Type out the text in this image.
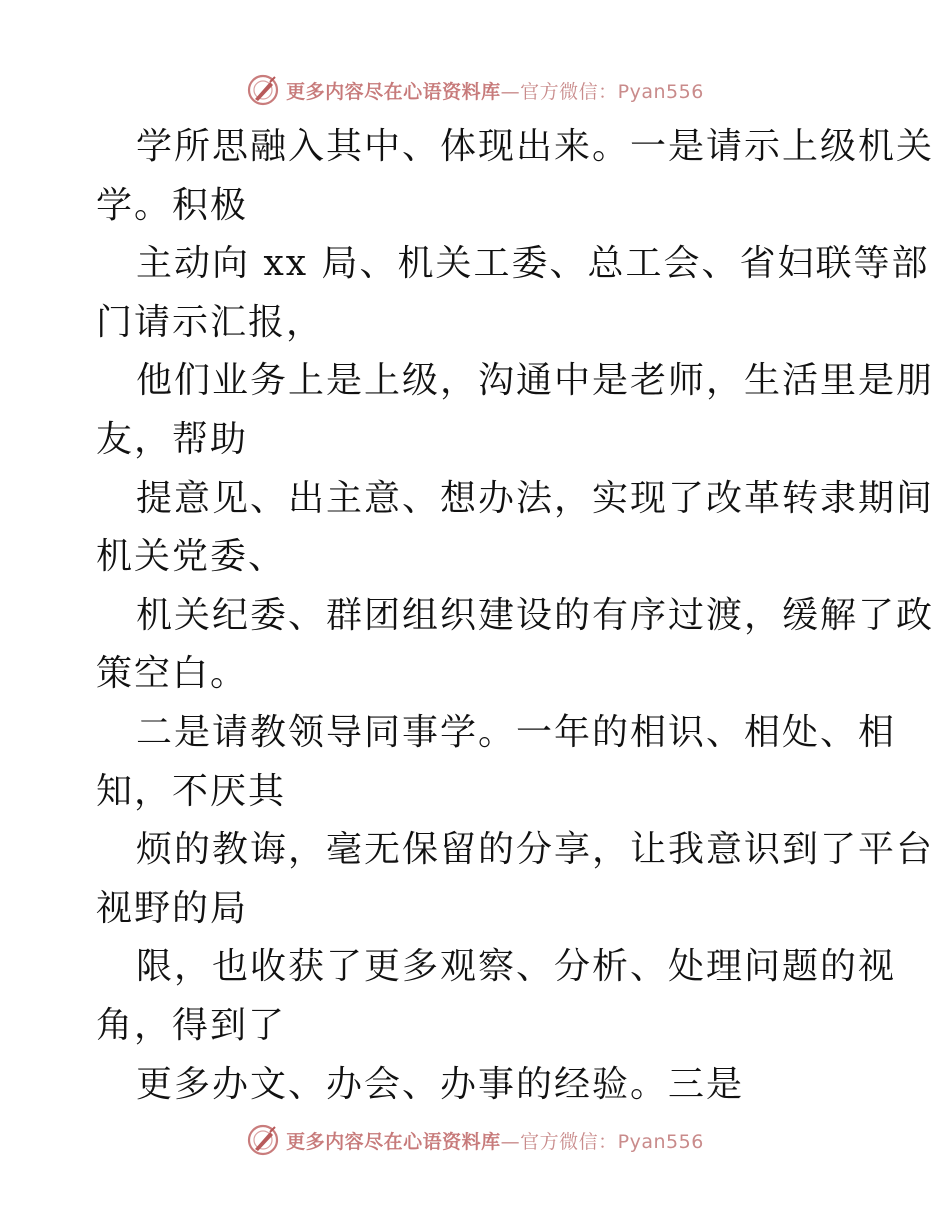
更多内容尽在心语资料库—官方微信：Pyan556
学所思融入其中、体现出来。一是请示上级机关
学。积极
主动向 xx 局、机关工委、总工会、省妇联等部
门请示汇报，
他们业务上是上级，沟通中是老师，生活里是朋
友，帮助
提意见、出主意、想办法，实现了改革转隶期间
机关党委、
机关纪委、群团组织建设的有序过渡，缓解了政
策空白。
二是请教领导同事学。一年的相识、相处、相
知，不厌其
烦的教诲，毫无保留的分享，让我意识到了平台
视野的局
限，也收获了更多观察、分析、处理问题的视
角，得到了
更多办文、办会、办事的经验。三是
更多内容尽在心语资料库—官方微信：Pyan556
